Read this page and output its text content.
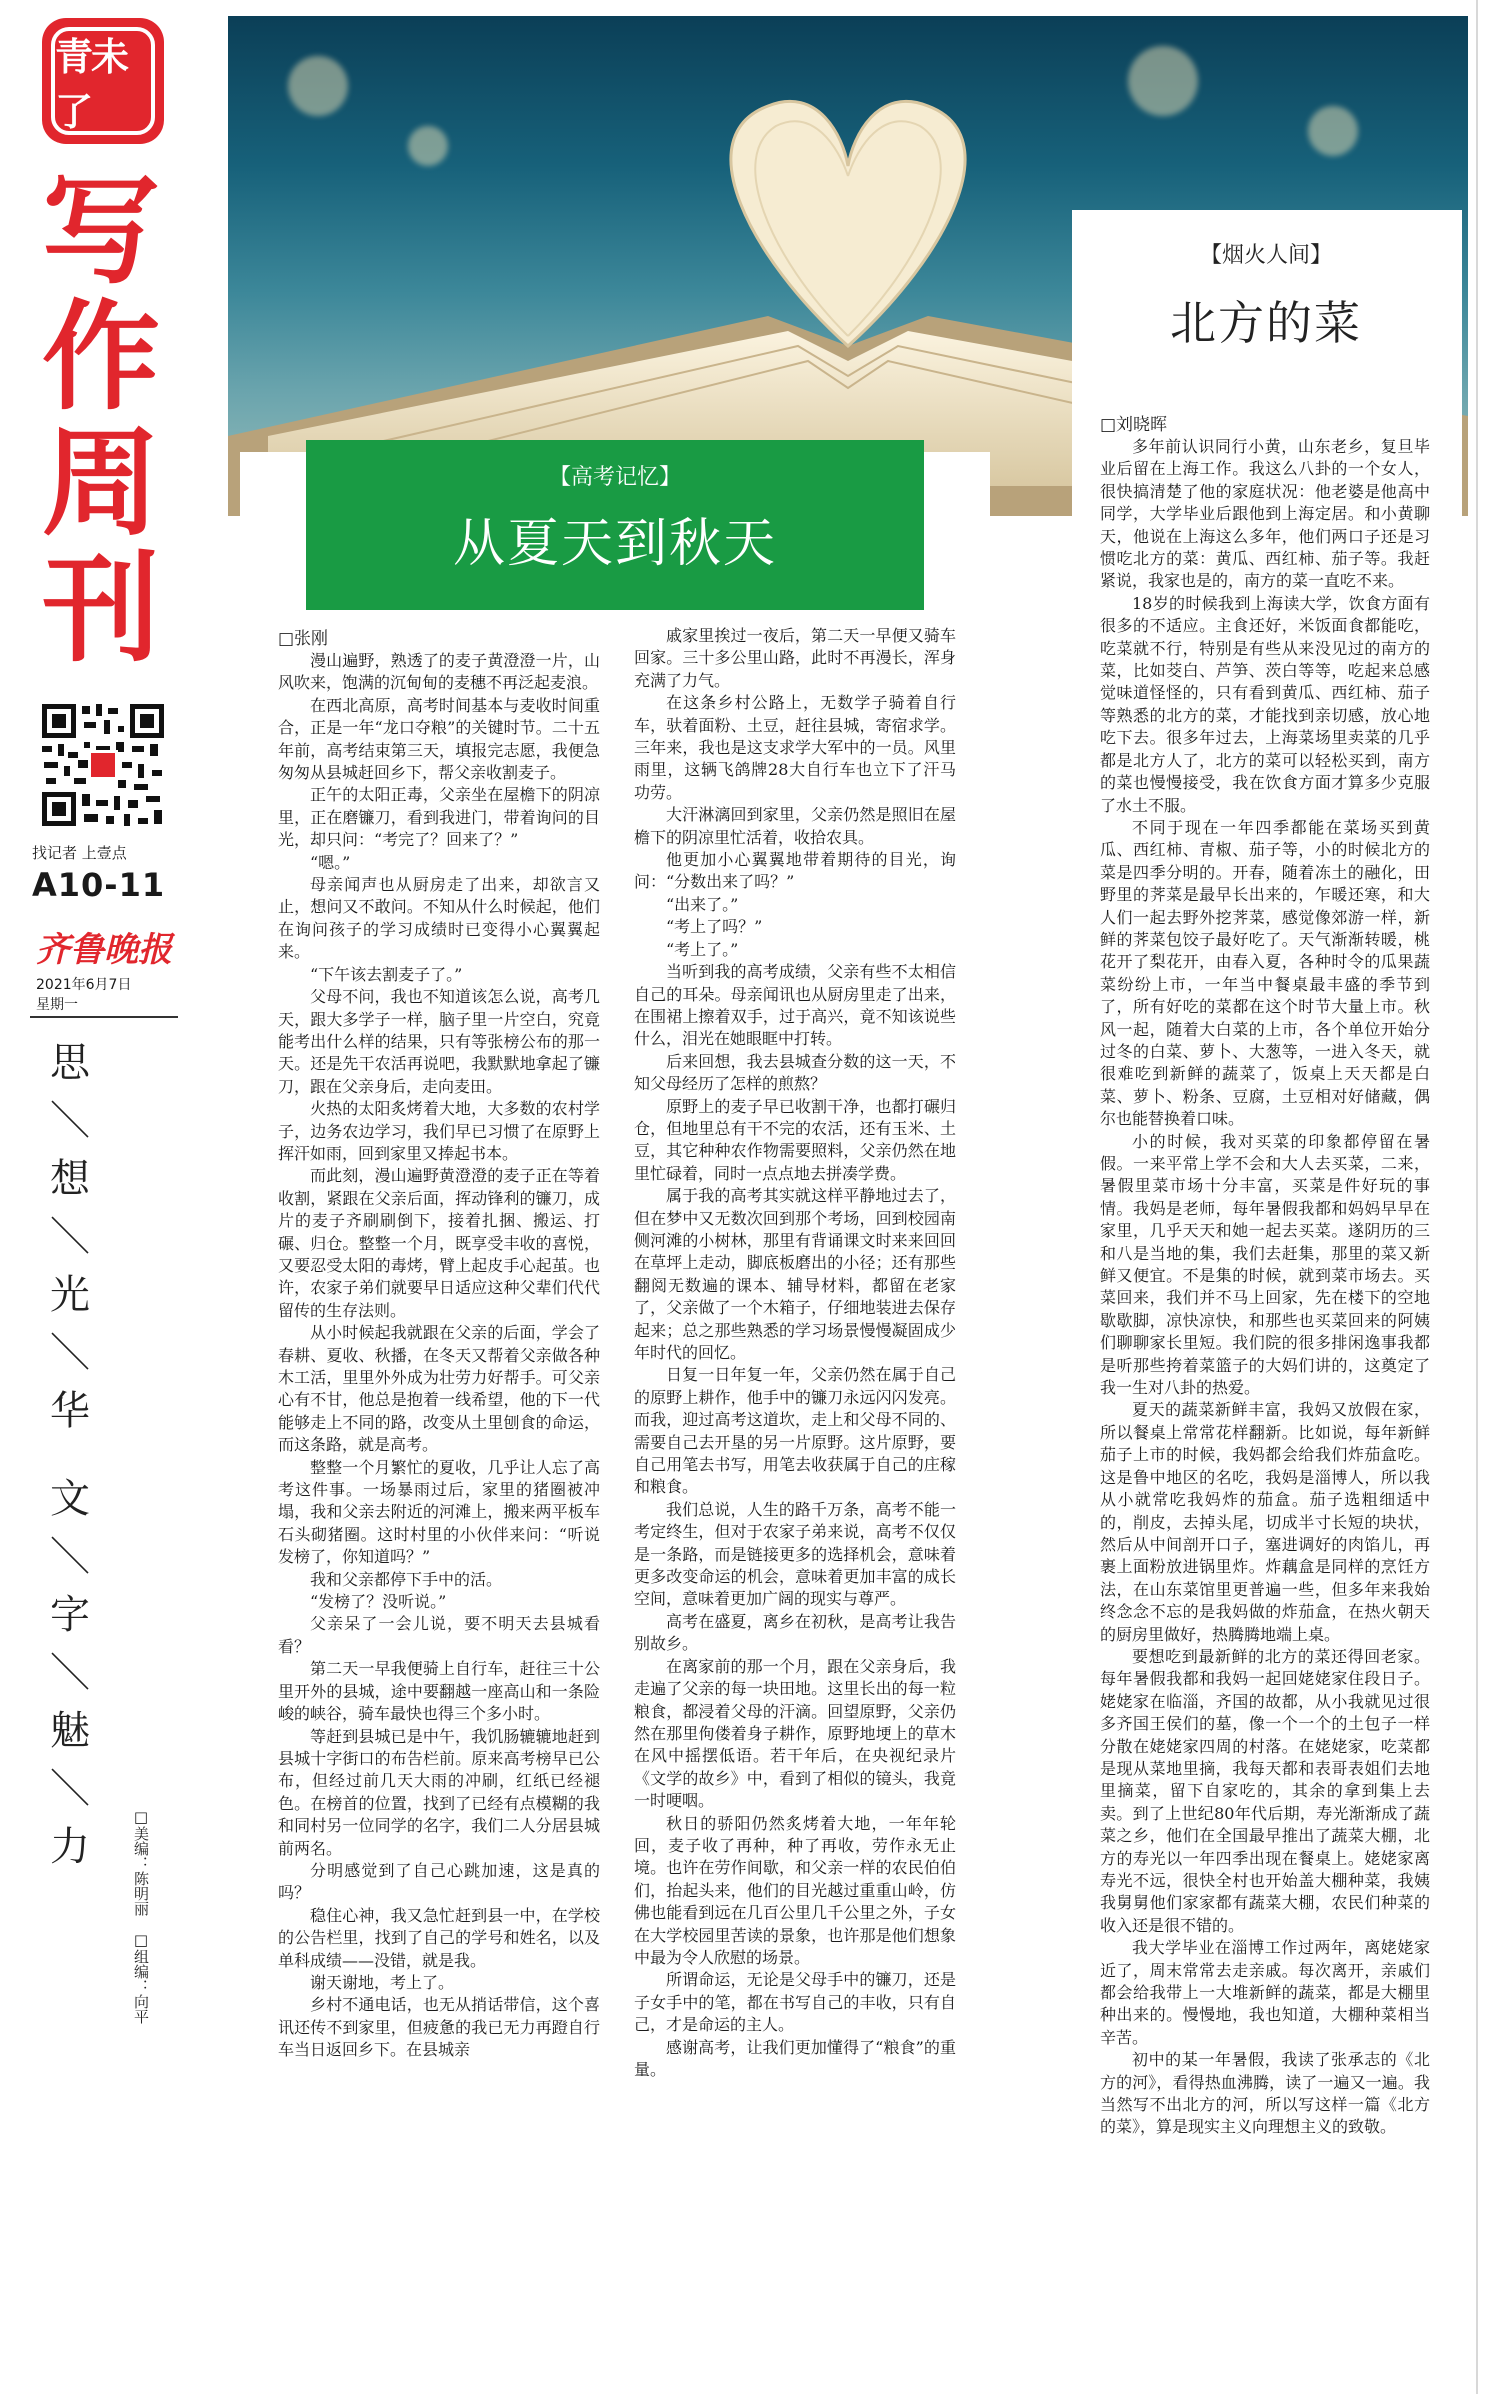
青未了
写
作
周
刊
找记者 上壹点
A10-11
齐鲁晚报
2021年6月7日
星期一
思
＼
想
＼
光
＼
华
文
＼
字
＼
魅
＼
力	□美编：陈明丽　□组编：向平
【高考记忆】
从夏天到秋天
【烟火人间】
北方的菜
□张刚
□刘晓晖

漫山遍野，熟透了的麦子黄澄澄一片，山风吹来，饱满的沉甸甸的麦穗不再泛起麦浪。

在西北高原，高考时间基本与麦收时间重合，正是一年“龙口夺粮”的关键时节。二十五年前，高考结束第三天，填报完志愿，我便急匆匆从县城赶回乡下，帮父亲收割麦子。

正午的太阳正毒，父亲坐在屋檐下的阴凉里，正在磨镰刀，看到我进门，带着询问的目光，却只问：“考完了？回来了？”

“嗯。”

母亲闻声也从厨房走了出来，却欲言又止，想问又不敢问。不知从什么时候起，他们在询问孩子的学习成绩时已变得小心翼翼起来。

“下午该去割麦子了。”

父母不问，我也不知道该怎么说，高考几天，跟大多学子一样，脑子里一片空白，究竟能考出什么样的结果，只有等张榜公布的那一天。还是先干农活再说吧，我默默地拿起了镰刀，跟在父亲身后，走向麦田。

火热的太阳炙烤着大地，大多数的农村学子，边务农边学习，我们早已习惯了在原野上挥汗如雨，回到家里又捧起书本。

而此刻，漫山遍野黄澄澄的麦子正在等着收割，紧跟在父亲后面，挥动锋利的镰刀，成片的麦子齐刷刷倒下，接着扎捆、搬运、打碾、归仓。整整一个月，既享受丰收的喜悦，又要忍受太阳的毒烤，臂上起皮手心起茧。也许，农家子弟们就要早日适应这种父辈们代代留传的生存法则。

从小时候起我就跟在父亲的后面，学会了春耕、夏收、秋播，在冬天又帮着父亲做各种木工活，里里外外成为壮劳力好帮手。可父亲心有不甘，他总是抱着一线希望，他的下一代能够走上不同的路，改变从土里刨食的命运，而这条路，就是高考。

整整一个月繁忙的夏收，几乎让人忘了高考这件事。一场暴雨过后，家里的猪圈被冲塌，我和父亲去附近的河滩上，搬来两平板车石头砌猪圈。这时村里的小伙伴来问：“听说发榜了，你知道吗？”

我和父亲都停下手中的活。

“发榜了？没听说。”

父亲呆了一会儿说，要不明天去县城看看？

第二天一早我便骑上自行车，赶往三十公里开外的县城，途中要翻越一座高山和一条险峻的峡谷，骑车最快也得三个多小时。

等赶到县城已是中午，我饥肠辘辘地赶到县城十字街口的布告栏前。原来高考榜早已公布，但经过前几天大雨的冲刷，红纸已经褪色。在榜首的位置，找到了已经有点模糊的我和同村另一位同学的名字，我们二人分居县城前两名。

分明感觉到了自己心跳加速，这是真的吗？

稳住心神，我又急忙赶到县一中，在学校的公告栏里，找到了自己的学号和姓名，以及单科成绩——没错，就是我。

谢天谢地，考上了。

乡村不通电话，也无从捎话带信，这个喜讯还传不到家里，但疲惫的我已无力再蹬自行车当日返回乡下。在县城亲

戚家里挨过一夜后，第二天一早便又骑车回家。三十多公里山路，此时不再漫长，浑身充满了力气。

在这条乡村公路上，无数学子骑着自行车，驮着面粉、土豆，赶往县城，寄宿求学。三年来，我也是这支求学大军中的一员。风里雨里，这辆飞鸽牌28大自行车也立下了汗马功劳。

大汗淋漓回到家里，父亲仍然是照旧在屋檐下的阴凉里忙活着，收拾农具。

他更加小心翼翼地带着期待的目光，询问：“分数出来了吗？”

“出来了。”

“考上了吗？”

“考上了。”

当听到我的高考成绩，父亲有些不太相信自己的耳朵。母亲闻讯也从厨房里走了出来，在围裙上擦着双手，过于高兴，竟不知该说些什么，泪光在她眼眶中打转。

后来回想，我去县城查分数的这一天，不知父母经历了怎样的煎熬？

原野上的麦子早已收割干净，也都打碾归仓，但地里总有干不完的农活，还有玉米、土豆，其它种种农作物需要照料，父亲仍然在地里忙碌着，同时一点点地去拼凑学费。

属于我的高考其实就这样平静地过去了，但在梦中又无数次回到那个考场，回到校园南侧河滩的小树林，那里有背诵课文时来来回回在草坪上走动，脚底板磨出的小径；还有那些翻阅无数遍的课本、辅导材料，都留在老家了，父亲做了一个木箱子，仔细地装进去保存起来；总之那些熟悉的学习场景慢慢凝固成少年时代的回忆。

日复一日年复一年，父亲仍然在属于自己的原野上耕作，他手中的镰刀永远闪闪发亮。而我，迎过高考这道坎，走上和父母不同的、需要自己去开垦的另一片原野。这片原野，要自己用笔去书写，用笔去收获属于自己的庄稼和粮食。

我们总说，人生的路千万条，高考不能一考定终生，但对于农家子弟来说，高考不仅仅是一条路，而是链接更多的选择机会，意味着更多改变命运的机会，意味着更加丰富的成长空间，意味着更加广阔的现实与尊严。

高考在盛夏，离乡在初秋，是高考让我告别故乡。

在离家前的那一个月，跟在父亲身后，我走遍了父亲的每一块田地。这里长出的每一粒粮食，都浸着父母的汗滴。回望原野，父亲仍然在那里佝偻着身子耕作，原野地埂上的草木在风中摇摆低语。若干年后，在央视纪录片《文学的故乡》中，看到了相似的镜头，我竟一时哽咽。

秋日的骄阳仍然炙烤着大地，一年年轮回，麦子收了再种，种了再收，劳作永无止境。也许在劳作间歇，和父亲一样的农民伯伯们，抬起头来，他们的目光越过重重山岭，仿佛也能看到远在几百公里几千公里之外，子女在大学校园里苦读的景象，也许那是他们想象中最为令人欣慰的场景。

所谓命运，无论是父母手中的镰刀，还是子女手中的笔，都在书写自己的丰收，只有自己，才是命运的主人。

感谢高考，让我们更加懂得了“粮食”的重量。

多年前认识同行小黄，山东老乡，复旦毕业后留在上海工作。我这么八卦的一个女人，很快搞清楚了他的家庭状况：他老婆是他高中同学，大学毕业后跟他到上海定居。和小黄聊天，他说在上海这么多年，他们两口子还是习惯吃北方的菜：黄瓜、西红柿、茄子等。我赶紧说，我家也是的，南方的菜一直吃不来。

18岁的时候我到上海读大学，饮食方面有很多的不适应。主食还好，米饭面食都能吃，吃菜就不行，特别是有些从来没见过的南方的菜，比如茭白、芦笋、茨白等等，吃起来总感觉味道怪怪的，只有看到黄瓜、西红柿、茄子等熟悉的北方的菜，才能找到亲切感，放心地吃下去。很多年过去，上海菜场里卖菜的几乎都是北方人了，北方的菜可以轻松买到，南方的菜也慢慢接受，我在饮食方面才算多少克服了水土不服。

不同于现在一年四季都能在菜场买到黄瓜、西红柿、青椒、茄子等，小的时候北方的菜是四季分明的。开春，随着冻土的融化，田野里的荠菜是最早长出来的，乍暖还寒，和大人们一起去野外挖荠菜，感觉像郊游一样，新鲜的荠菜包饺子最好吃了。天气渐渐转暖，桃花开了梨花开，由春入夏，各种时令的瓜果蔬菜纷纷上市，一年当中餐桌最丰盛的季节到了，所有好吃的菜都在这个时节大量上市。秋风一起，随着大白菜的上市，各个单位开始分过冬的白菜、萝卜、大葱等，一进入冬天，就很难吃到新鲜的蔬菜了，饭桌上天天都是白菜、萝卜、粉条、豆腐，土豆相对好储藏，偶尔也能替换着口味。

小的时候，我对买菜的印象都停留在暑假。一来平常上学不会和大人去买菜，二来，暑假里菜市场十分丰富，买菜是件好玩的事情。我妈是老师，每年暑假我都和妈妈早早在家里，几乎天天和她一起去买菜。遂阴历的三和八是当地的集，我们去赶集，那里的菜又新鲜又便宜。不是集的时候，就到菜市场去。买菜回来，我们并不马上回家，先在楼下的空地歇歇脚，凉快凉快，和那些也买菜回来的阿姨们聊聊家长里短。我们院的很多排闲逸事我都是听那些挎着菜篮子的大妈们讲的，这奠定了我一生对八卦的热爱。

夏天的蔬菜新鲜丰富，我妈又放假在家，所以餐桌上常常花样翻新。比如说，每年新鲜茄子上市的时候，我妈都会给我们炸茄盒吃。这是鲁中地区的名吃，我妈是淄博人，所以我从小就常吃我妈炸的茄盒。茄子选粗细适中的，削皮，去掉头尾，切成半寸长短的块状，然后从中间剖开口子，塞进调好的肉馅儿，再裹上面粉放进锅里炸。炸藕盒是同样的烹饪方法，在山东菜馆里更普遍一些，但多年来我始终念念不忘的是我妈做的炸茄盒，在热火朝天的厨房里做好，热腾腾地端上桌。

要想吃到最新鲜的北方的菜还得回老家。每年暑假我都和我妈一起回姥姥家住段日子。姥姥家在临淄，齐国的故都，从小我就见过很多齐国王侯们的墓，像一个一个的土包子一样分散在姥姥家四周的村落。在姥姥家，吃菜都是现从菜地里摘，我每天都和表哥表姐们去地里摘菜，留下自家吃的，其余的拿到集上去卖。到了上世纪80年代后期，寿光渐渐成了蔬菜之乡，他们在全国最早推出了蔬菜大棚，北方的寿光以一年四季出现在餐桌上。姥姥家离寿光不远，很快全村也开始盖大棚种菜，我姨我舅舅他们家家都有蔬菜大棚，农民们种菜的收入还是很不错的。

我大学毕业在淄博工作过两年，离姥姥家近了，周末常常去走亲戚。每次离开，亲戚们都会给我带上一大堆新鲜的蔬菜，都是大棚里种出来的。慢慢地，我也知道，大棚种菜相当辛苦。

初中的某一年暑假，我读了张承志的《北方的河》，看得热血沸腾，读了一遍又一遍。我当然写不出北方的河，所以写这样一篇《北方的菜》，算是现实主义向理想主义的致敬。
